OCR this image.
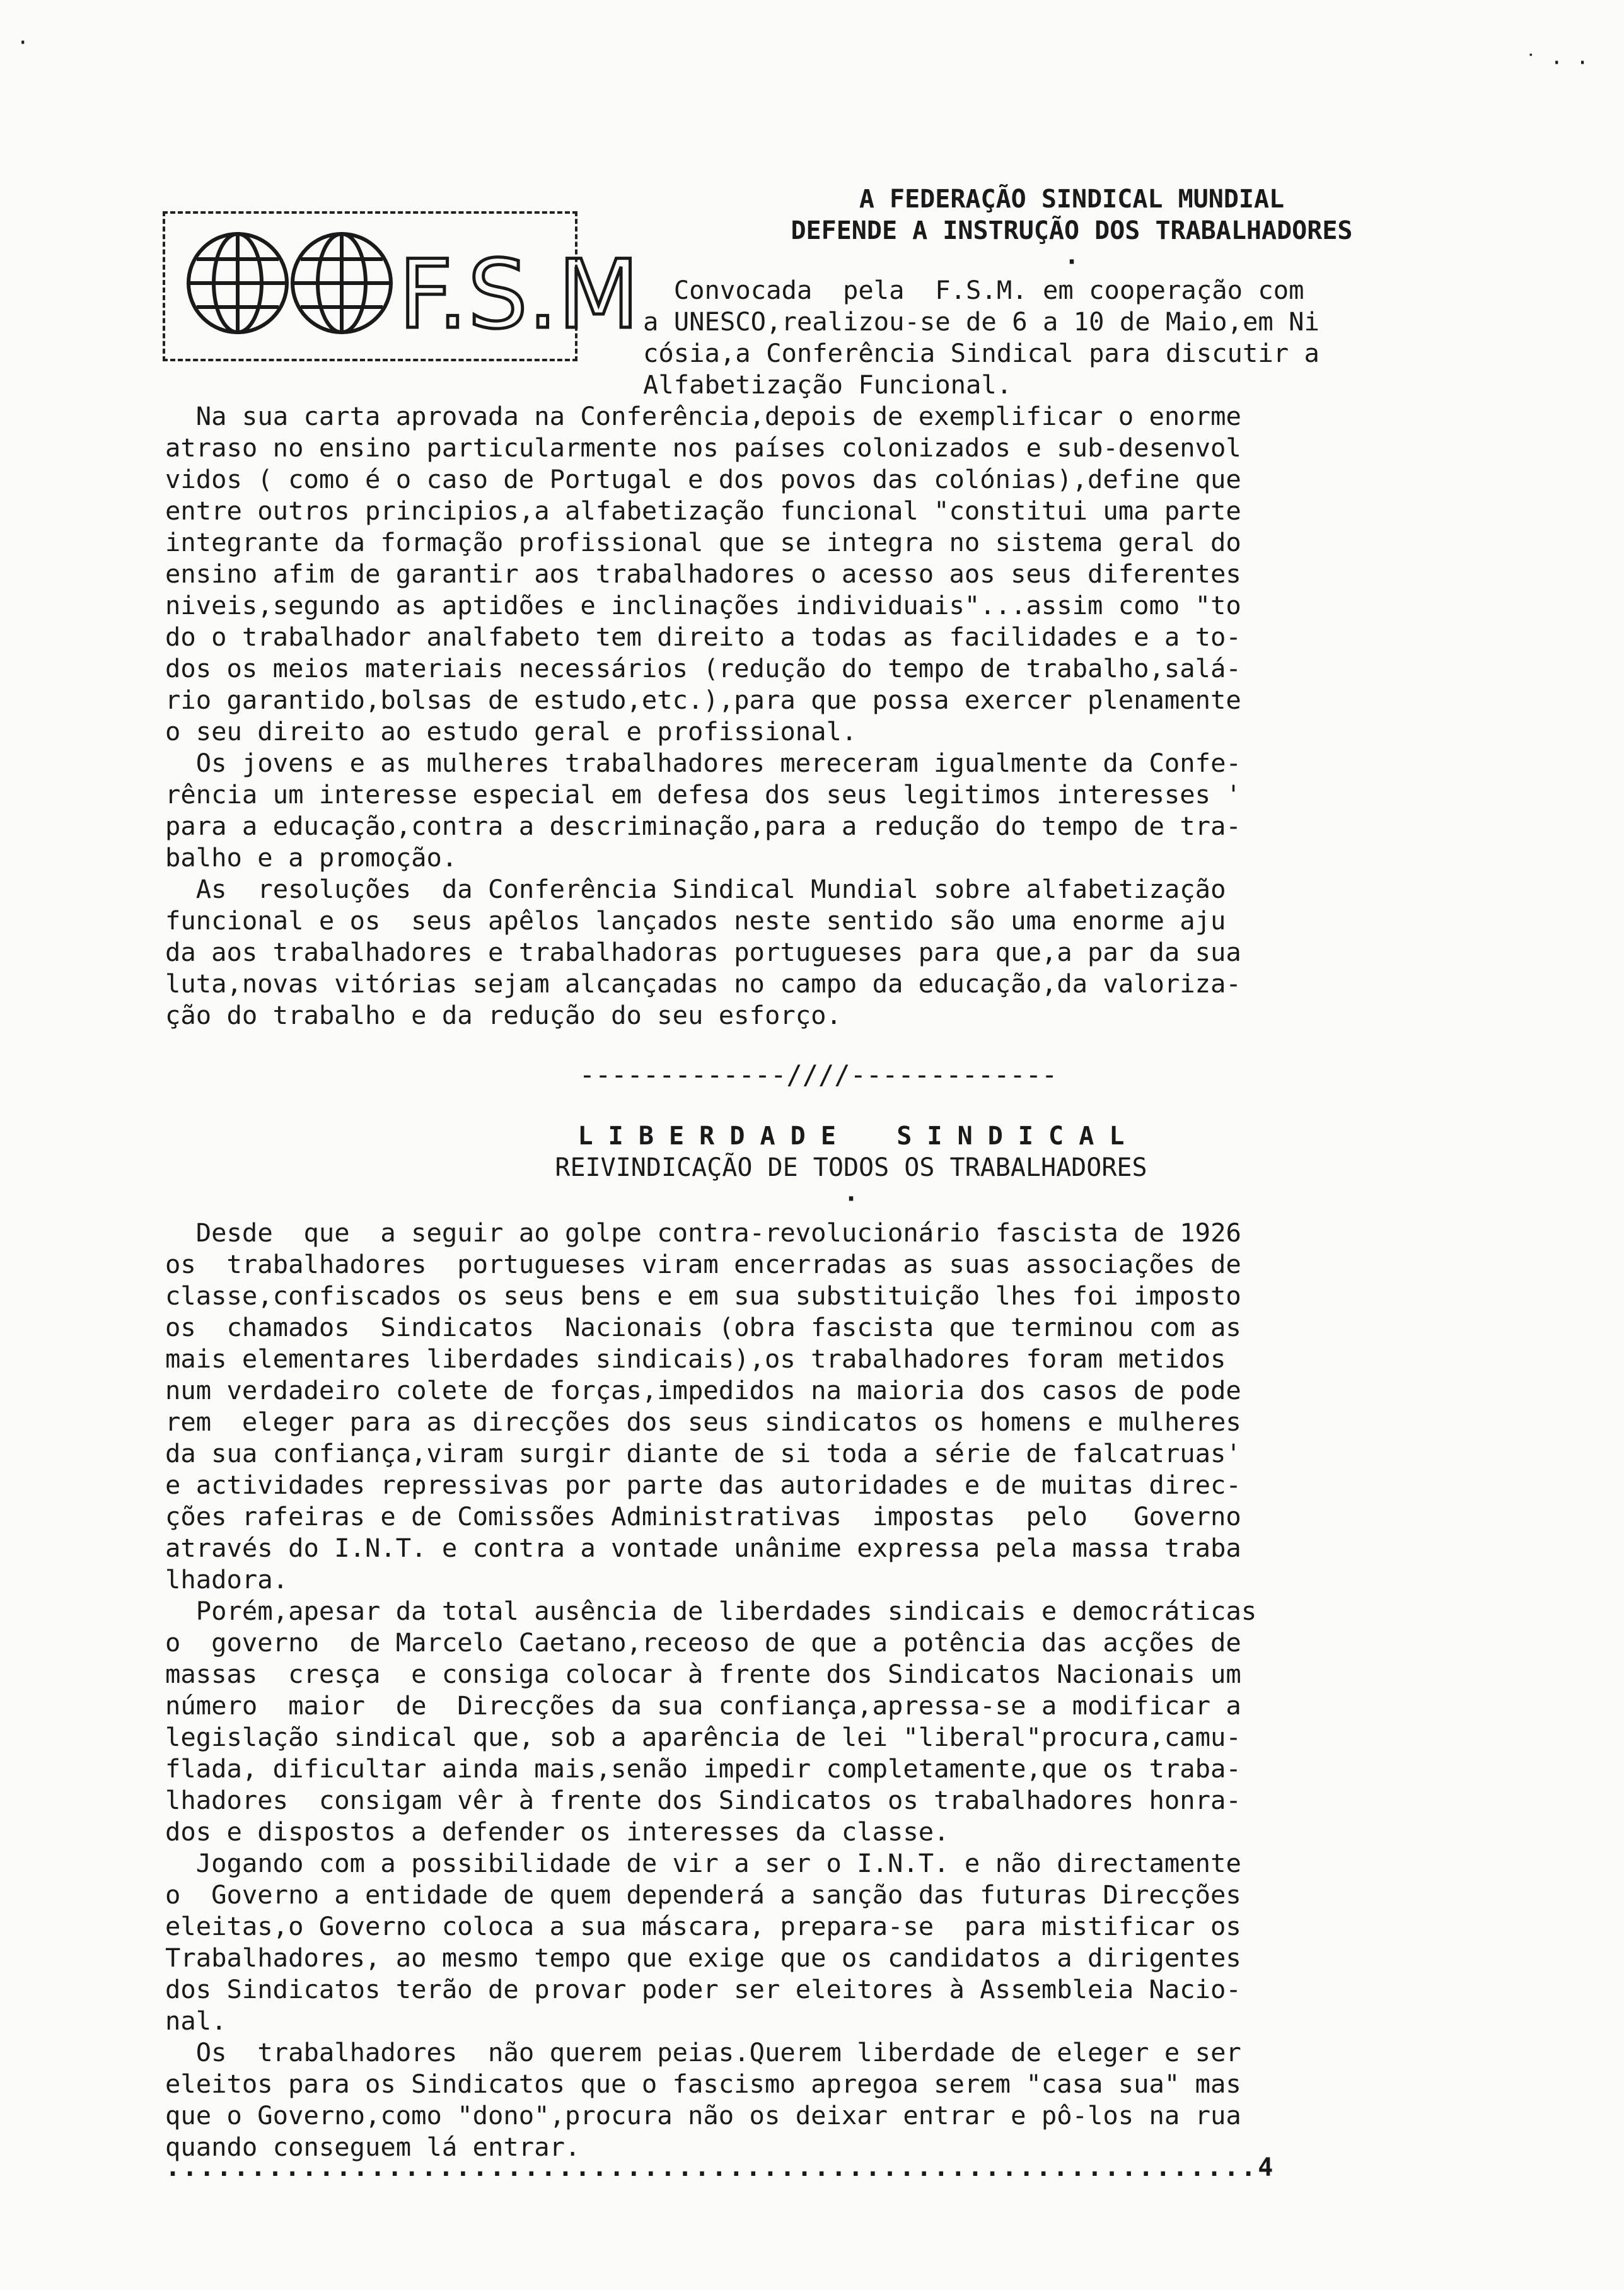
·
˙ · ·
F.S.M
A FEDERAÇÃO SINDICAL MUNDIAL
DEFENDE A INSTRUÇÃO DOS TRABALHADORES
·
Convocada  pela  F.S.M. em cooperação com
a UNESCO,realizou-se de 6 a 10 de Maio,em Ni
cósia,a Conferência Sindical para discutir a
Alfabetização Funcional.
Na sua carta aprovada na Conferência,depois de exemplificar o enorme
atraso no ensino particularmente nos países colonizados e sub-desenvol
vidos ( como é o caso de Portugal e dos povos das colónias),define que
entre outros principios,a alfabetização funcional "constitui uma parte
integrante da formação profissional que se integra no sistema geral do
ensino afim de garantir aos trabalhadores o acesso aos seus diferentes
niveis,segundo as aptidões e inclinações individuais"...assim como "to
do o trabalhador analfabeto tem direito a todas as facilidades e a to-
dos os meios materiais necessários (redução do tempo de trabalho,salá-
rio garantido,bolsas de estudo,etc.),para que possa exercer plenamente
o seu direito ao estudo geral e profissional.
Os jovens e as mulheres trabalhadores mereceram igualmente da Confe-
rência um interesse especial em defesa dos seus legitimos interesses '
para a educação,contra a descriminação,para a redução do tempo de tra-
balho e a promoção.
As  resoluções  da Conferência Sindical Mundial sobre alfabetização
funcional e os  seus apêlos lançados neste sentido são uma enorme aju
da aos trabalhadores e trabalhadoras portugueses para que,a par da sua
luta,novas vitórias sejam alcançadas no campo da educação,da valoriza-
ção do trabalho e da redução do seu esforço.
-------------////-------------
L I B E R D A D E    S I N D I C A L
REIVINDICAÇÃO DE TODOS OS TRABALHADORES
·
Desde  que  a seguir ao golpe contra-revolucionário fascista de 1926
os  trabalhadores  portugueses viram encerradas as suas associações de
classe,confiscados os seus bens e em sua substituição lhes foi imposto
os  chamados  Sindicatos  Nacionais (obra fascista que terminou com as
mais elementares liberdades sindicais),os trabalhadores foram metidos
num verdadeiro colete de forças,impedidos na maioria dos casos de pode
rem  eleger para as direcções dos seus sindicatos os homens e mulheres
da sua confiança,viram surgir diante de si toda a série de falcatruas'
e actividades repressivas por parte das autoridades e de muitas direc-
ções rafeiras e de Comissões Administrativas  impostas  pelo   Governo
através do I.N.T. e contra a vontade unânime expressa pela massa traba
lhadora.
Porém,apesar da total ausência de liberdades sindicais e democráticas
o  governo  de Marcelo Caetano,receoso de que a potência das acções de
massas  cresça  e consiga colocar à frente dos Sindicatos Nacionais um
número  maior  de  Direcções da sua confiança,apressa-se a modificar a
legislação sindical que, sob a aparência de lei "liberal"procura,camu-
flada, dificultar ainda mais,senão impedir completamente,que os traba-
lhadores  consigam vêr à frente dos Sindicatos os trabalhadores honra-
dos e dispostos a defender os interesses da classe.
Jogando com a possibilidade de vir a ser o I.N.T. e não directamente
o  Governo a entidade de quem dependerá a sanção das futuras Direcções
eleitas,o Governo coloca a sua máscara, prepara-se  para mistificar os
Trabalhadores, ao mesmo tempo que exige que os candidatos a dirigentes
dos Sindicatos terão de provar poder ser eleitores à Assembleia Nacio-
nal.
Os  trabalhadores  não querem peias.Querem liberdade de eleger e ser
eleitos para os Sindicatos que o fascismo apregoa serem "casa sua" mas
que o Governo,como "dono",procura não os deixar entrar e pô-los na rua
quando conseguem lá entrar.
................................................................4
